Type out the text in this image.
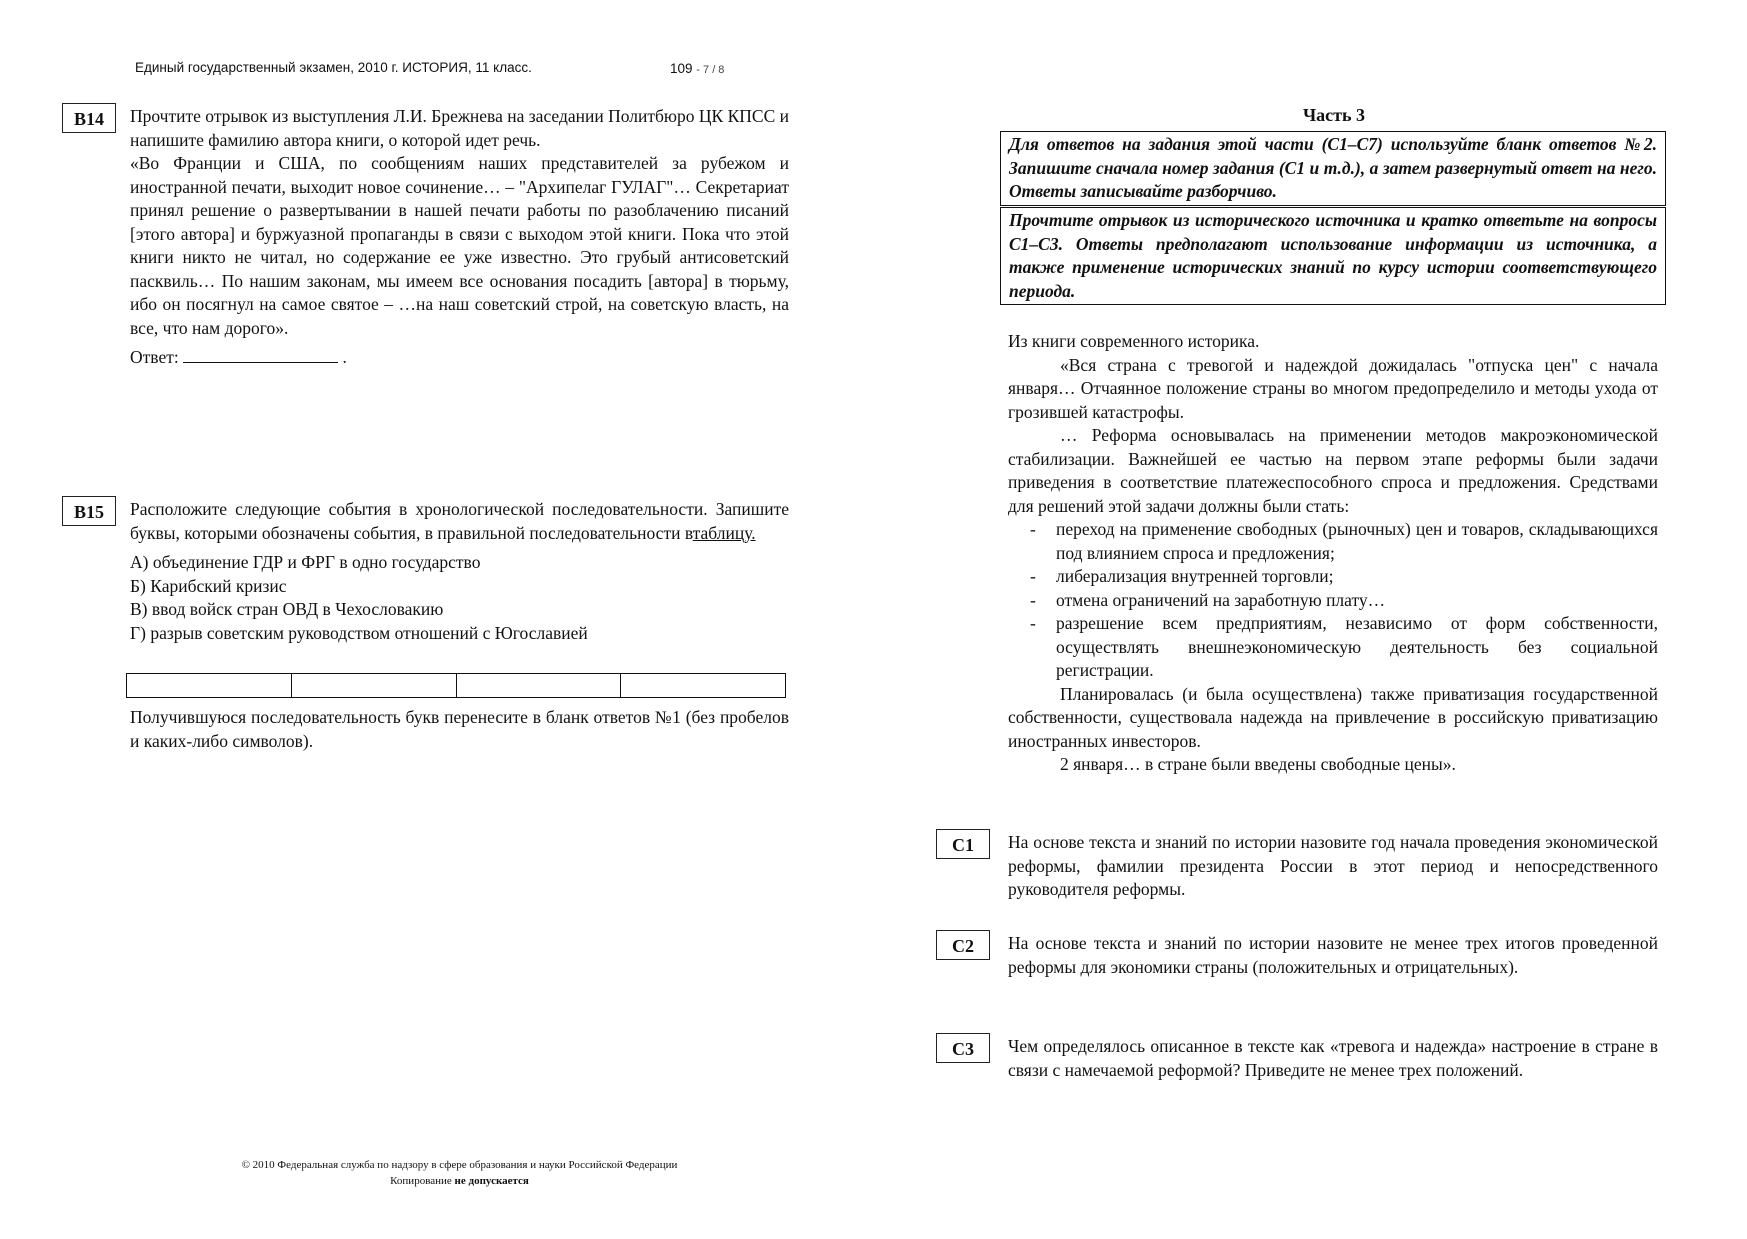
Единый государственный экзамен, 2010 г. ИСТОРИЯ, 11 класс.	109 - 7 / 8
B14	Прочтите отрывок из выступления Л.И. Брежнева на заседании Политбюро ЦК КПСС и напишите фамилию автора книги, о которой идет речь.

«Во Франции и США, по сообщениям наших представителей за рубежом и иностранной печати, выходит новое сочинение… – "Архипелаг ГУЛАГ"… Секретариат принял решение о развертывании в нашей печати работы по разоблачению писаний [этого автора] и буржуазной пропаганды в связи с выходом этой книги. Пока что этой книги никто не читал, но содержание ее уже известно. Это грубый антисоветский пасквиль… По нашим законам, мы имеем все основания посадить [автора] в тюрьму, ибо он посягнул на самое святое – …на наш советский строй, на советскую власть, на все, что нам дорого».

Ответ:	.

B15	Расположите следующие события в хронологической последовательности. Запишите буквы, которыми обозначены события, в правильной последовательности втаблицу.

А) объединение ГДР и ФРГ в одно государство
Б) Карибский кризис
В) ввод войск стран ОВД в Чехословакию
Г) разрыв советским руководством отношений с Югославией

Получившуюся последовательность букв перенесите в бланк ответов №1 (без пробелов и каких-либо символов).
Часть 3

Для ответов на задания этой части (С1–С7) используйте бланк ответов №2. Запишите сначала номер задания (С1 и т.д.), а затем развернутый ответ на него. Ответы записывайте разборчиво.

Прочтите отрывок из исторического источника и кратко ответьте на вопросы С1–С3. Ответы предполагают использование информации из источника, а также применение исторических знаний по курсу истории соответствующего периода.

Из книги современного историка.

«Вся страна с тревогой и надеждой дожидалась "отпуска цен" с начала января… Отчаянное положение страны во многом предопределило и методы ухода от грозившей катастрофы.

… Реформа основывалась на применении методов макроэкономической стабилизации. Важнейшей ее частью на первом этапе реформы были задачи приведения в соответствие платежеспособного спроса и предложения. Средствами для решений этой задачи должны были стать:

- переход на применение свободных (рыночных) цен и товаров, складывающихся под влиянием спроса и предложения;
- либерализация внутренней торговли;
- отмена ограничений на заработную плату…
- разрешение всем предприятиям, независимо от форм собственности, осуществлять внешнеэкономическую деятельность без социальной регистрации.

Планировалась (и была осуществлена) также приватизация государственной собственности, существовала надежда на привлечение в российскую приватизацию иностранных инвесторов.

2 января… в стране были введены свободные цены».

С1	На основе текста и знаний по истории назовите год начала проведения экономической реформы, фамилии президента России в этот период и непосредственного руководителя реформы.
С2	На основе текста и знаний по истории назовите не менее трех итогов проведенной реформы для экономики страны (положительных и отрицательных).
С3	Чем определялось описанное в тексте как «тревога и надежда» настроение в стране в связи с намечаемой реформой? Приведите не менее трех положений.
© 2010 Федеральная служба по надзору в сфере образования и науки Российской Федерации
Копирование не допускается
